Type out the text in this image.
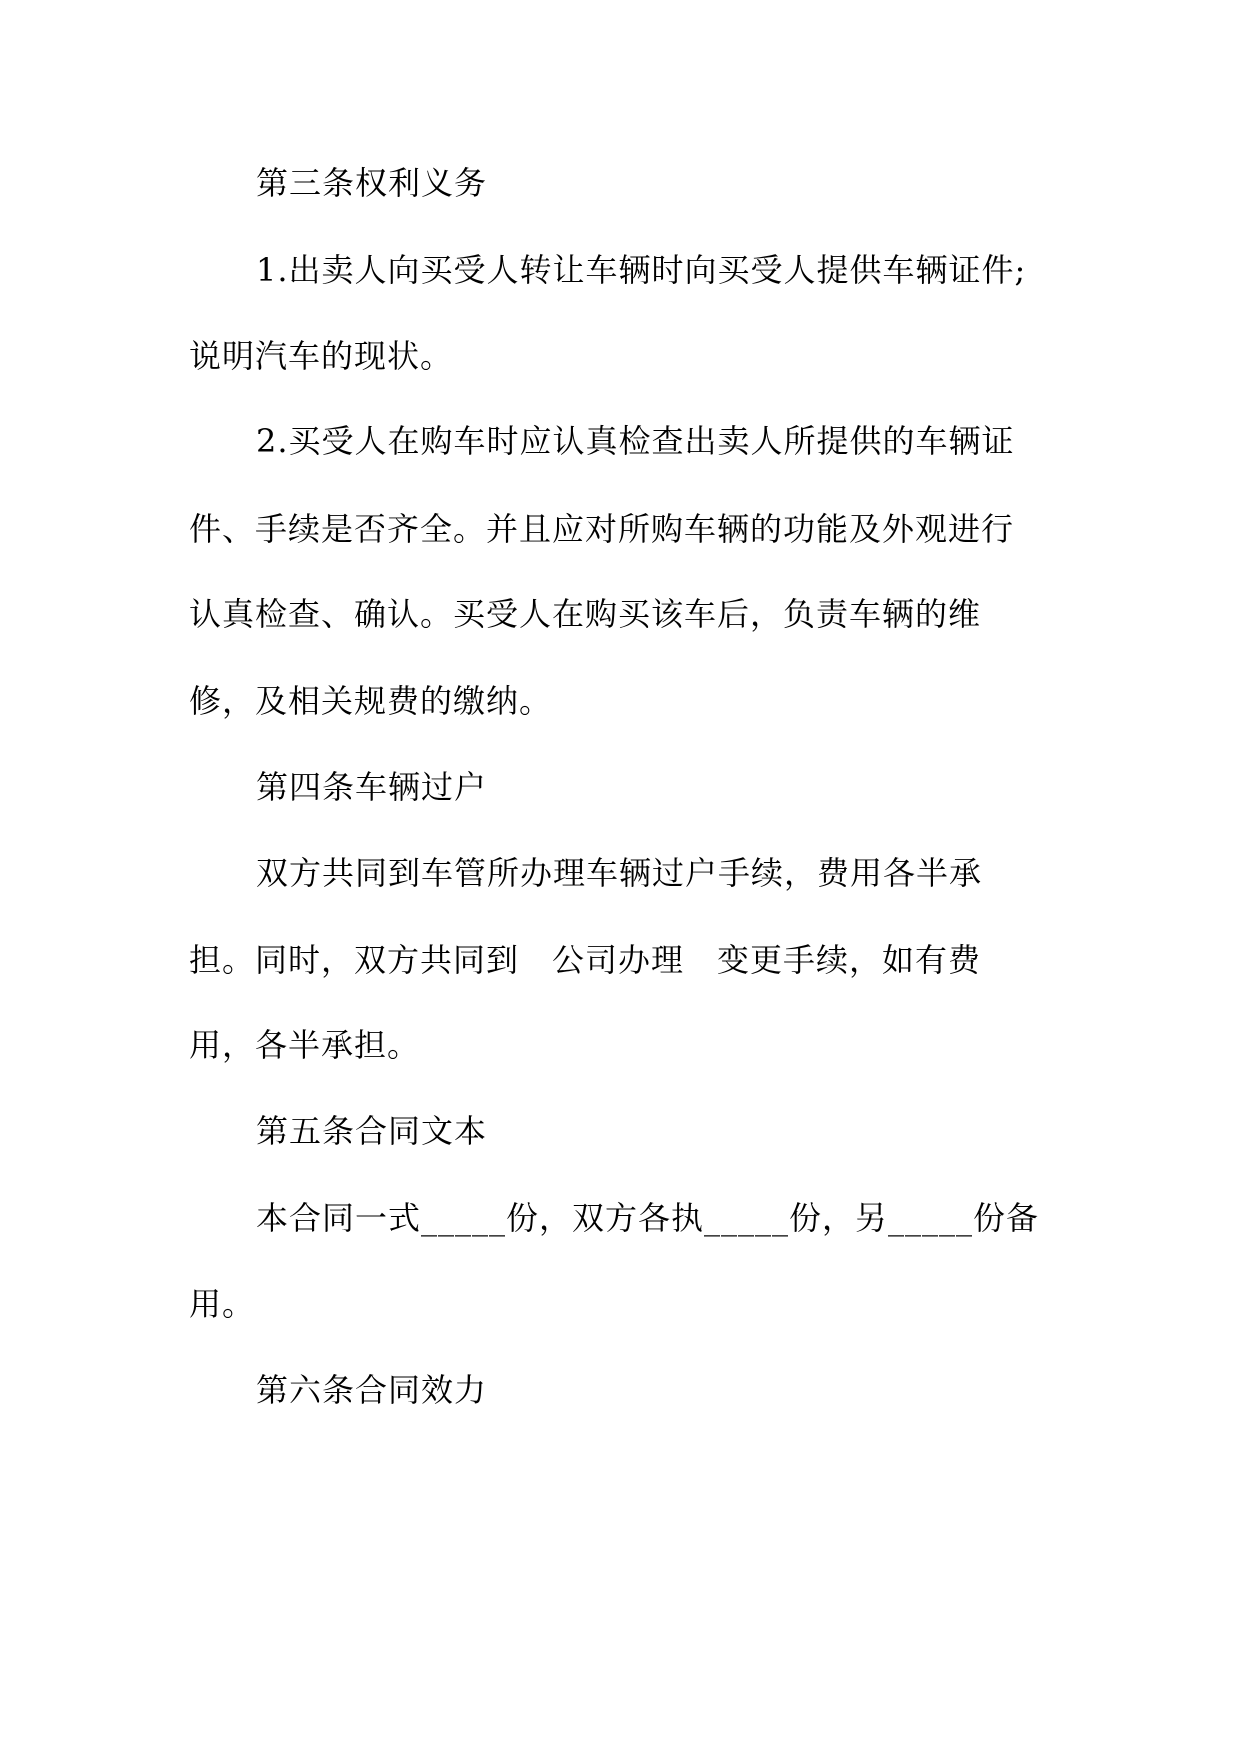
第三条权利义务
1.出卖人向买受人转让车辆时向买受人提供车辆证件;
说明汽车的现状。
2.买受人在购车时应认真检查出卖人所提供的车辆证
件、手续是否齐全。并且应对所购车辆的功能及外观进行
认真检查、确认。买受人在购买该车后，负责车辆的维
修，及相关规费的缴纳。
第四条车辆过户
双方共同到车管所办理车辆过户手续，费用各半承
担。同时，双方共同到　公司办理　变更手续，如有费
用，各半承担。
第五条合同文本
本合同一式_____份，双方各执_____份，另_____份备
用。
第六条合同效力
